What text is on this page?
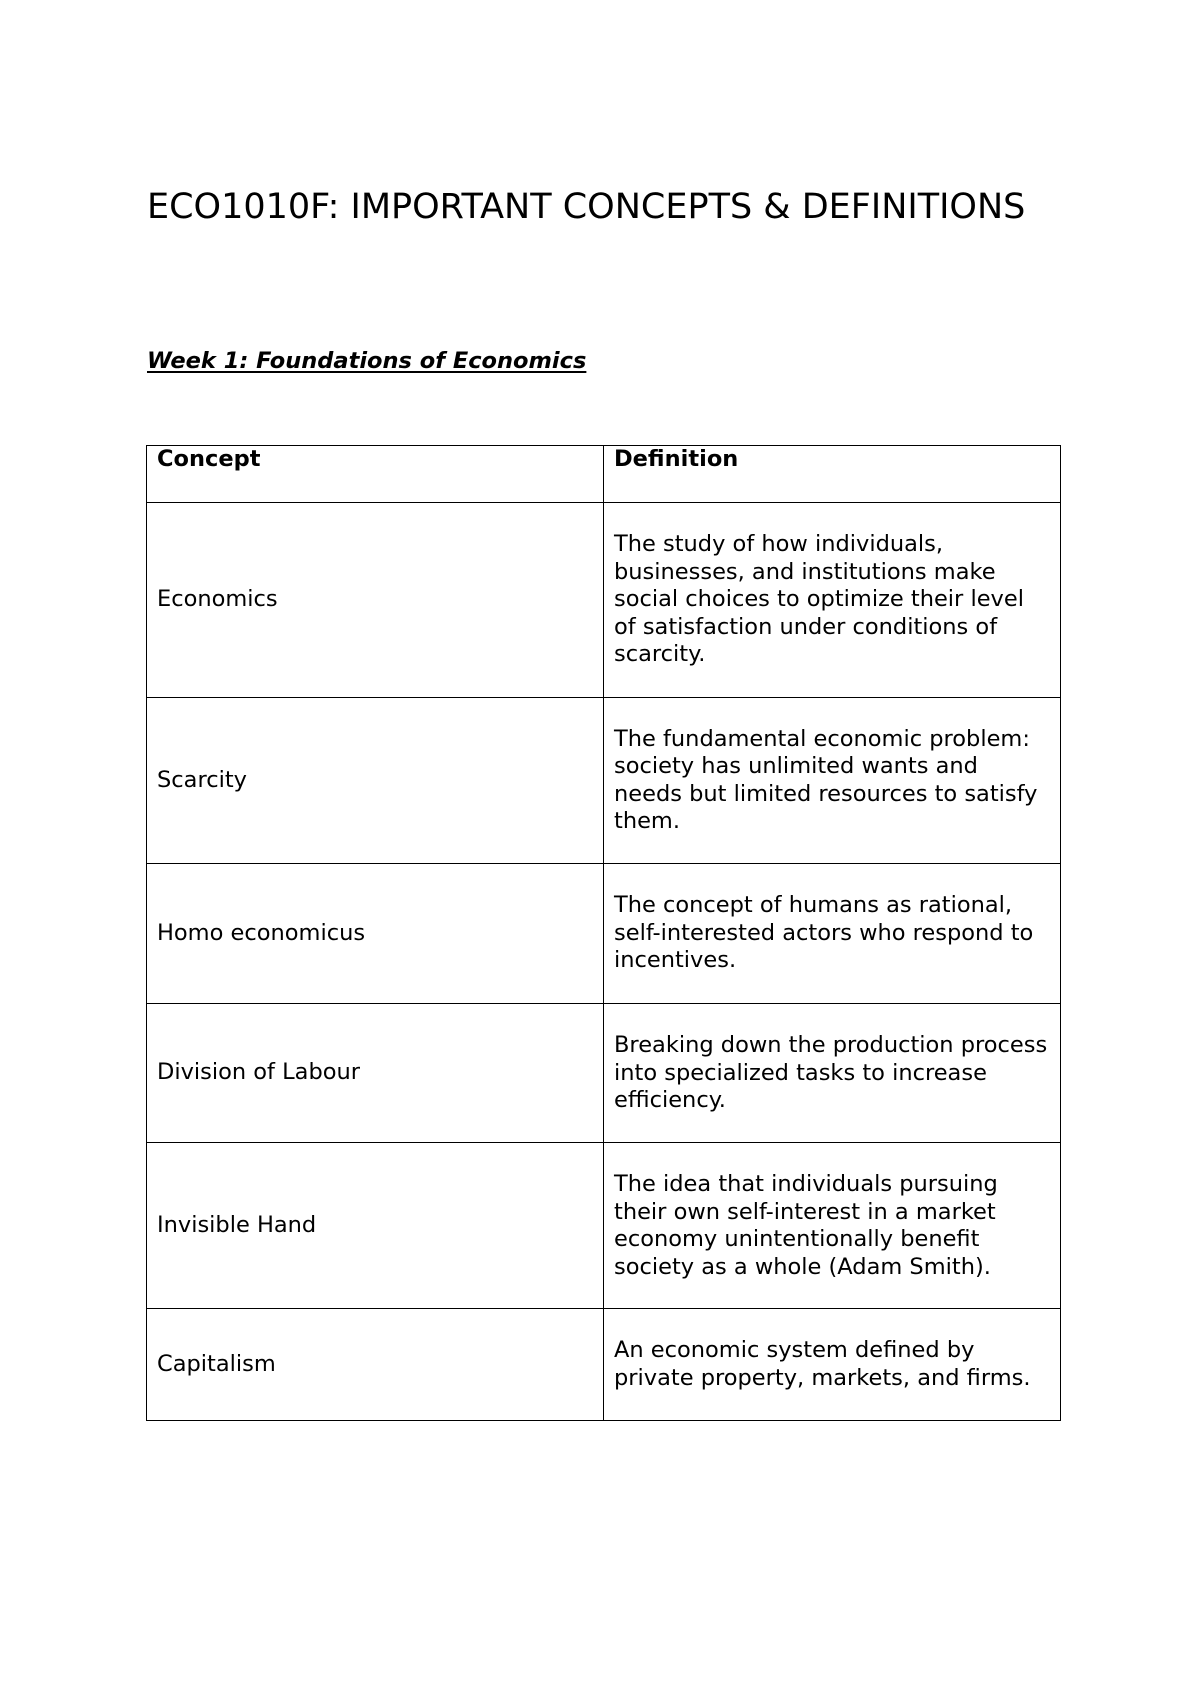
ECO1010F: IMPORTANT CONCEPTS & DEFINITIONS
Week 1: Foundations of Economics
Concept	Definition

Economics	The study of how individuals, businesses, and institutions make social choices to optimize their level of satisfaction under conditions of scarcity.
Scarcity	The fundamental economic problem: society has unlimited wants and needs but limited resources to satisfy them.
Homo economicus	The concept of humans as rational, self-interested actors who respond to incentives.
Division of Labour	Breaking down the production process into specialized tasks to increase efficiency.
Invisible Hand	The idea that individuals pursuing their own self-interest in a market economy unintentionally benefit society as a whole (Adam Smith).
Capitalism	An economic system defined by private property, markets, and firms.
